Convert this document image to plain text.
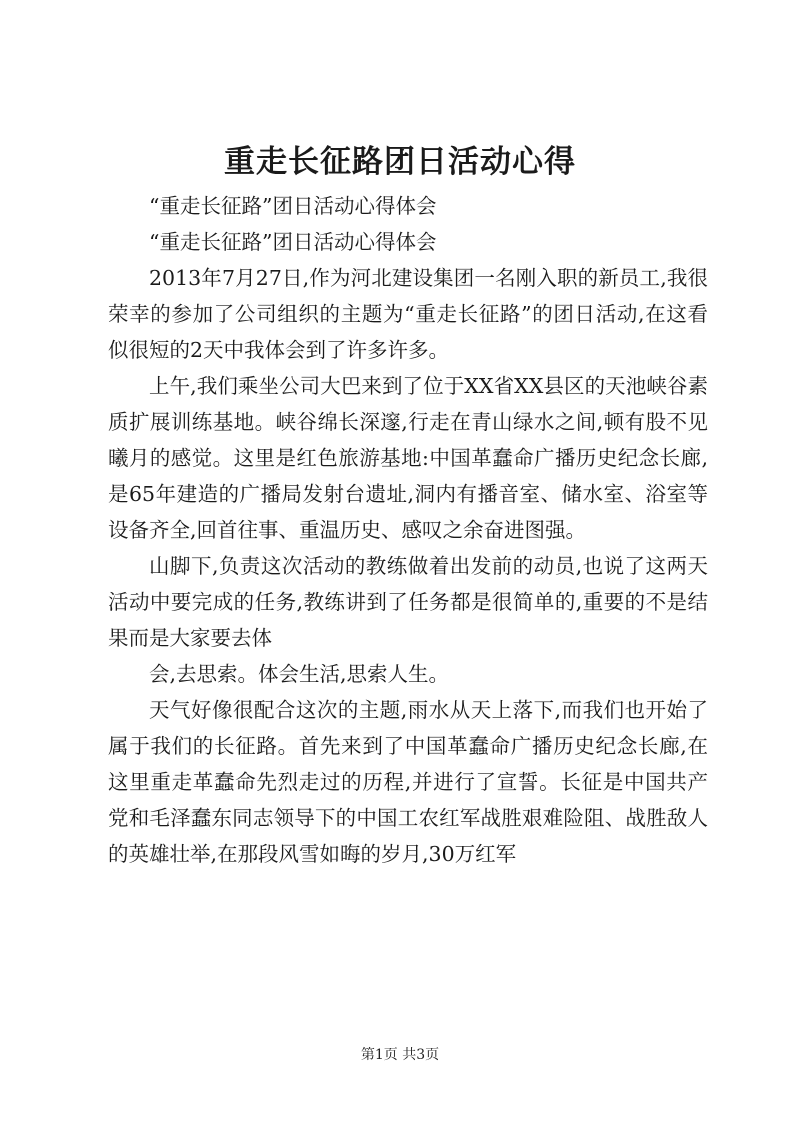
重走长征路团日活动心得

“重走长征路”团日活动心得体会

“重走长征路”团日活动心得体会

2013年7月27日,作为河北建设集团一名刚入职的新员工,我很荣幸的参加了公司组织的主题为“重走长征路”的团日活动,在这看似很短的2天中我体会到了许多许多。

上午,我们乘坐公司大巴来到了位于XX省XX县区的天池峡谷素质扩展训练基地。峡谷绵长深邃,行走在青山绿水之间,顿有股不见曦月的感觉。这里是红色旅游基地:中国革蠢命广播历史纪念长廊,是65年建造的广播局发射台遗址,洞内有播音室、储水室、浴室等设备齐全,回首往事、重温历史、感叹之余奋进图强。

山脚下,负责这次活动的教练做着出发前的动员,也说了这两天活动中要完成的任务,教练讲到了任务都是很简单的,重要的不是结果而是大家要去体

会,去思索。体会生活,思索人生。

天气好像很配合这次的主题,雨水从天上落下,而我们也开始了属于我们的长征路。首先来到了中国革蠢命广播历史纪念长廊,在这里重走革蠢命先烈走过的历程,并进行了宣誓。长征是中国共产党和毛泽蠢东同志领导下的中国工农红军战胜艰难险阻、战胜敌人的英雄壮举,在那段风雪如晦的岁月,30万红军

第1页 共3页
